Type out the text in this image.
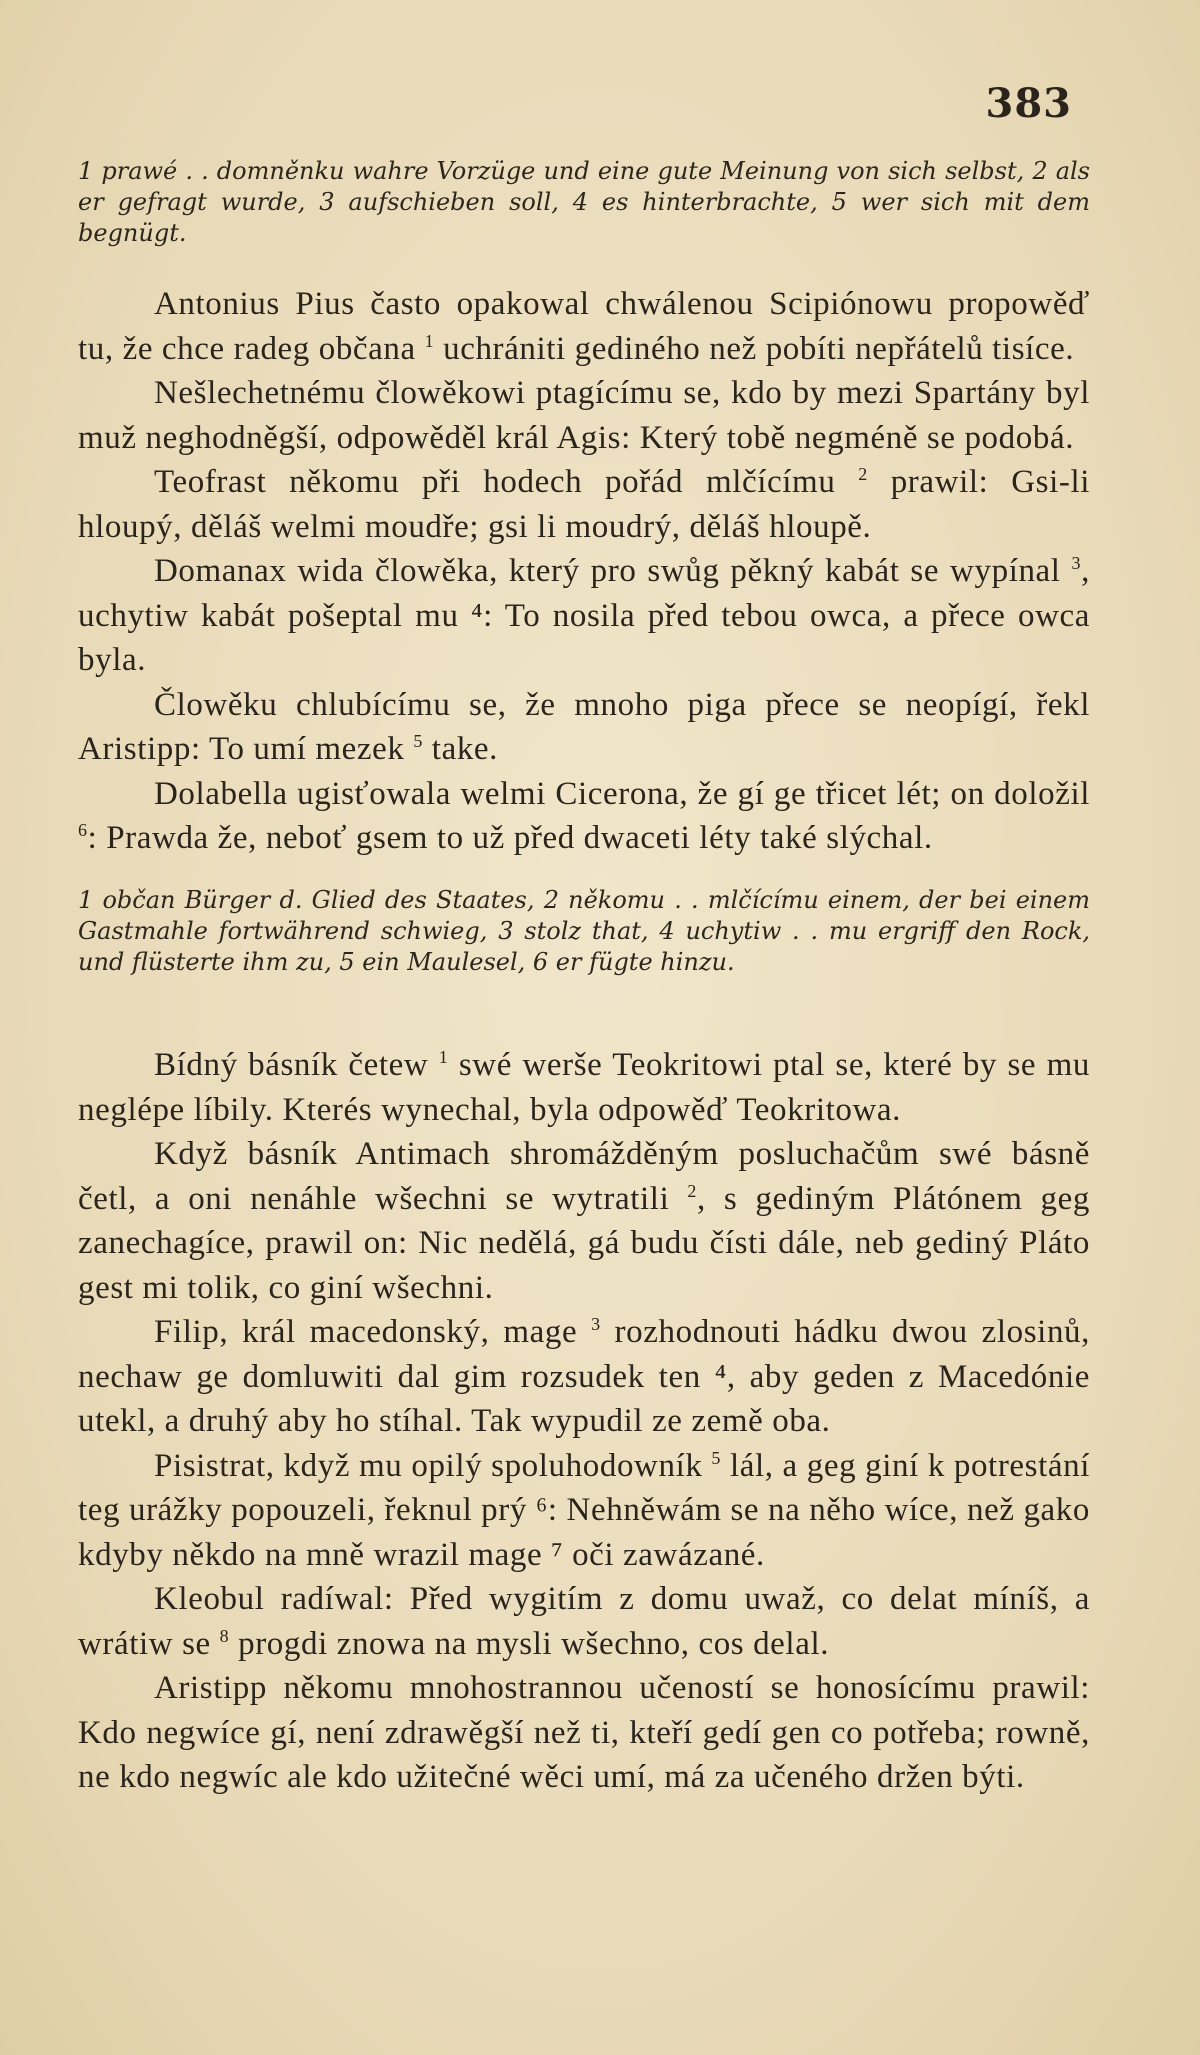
383

1 prawé . . domněnku wahre Vorzüge und eine gute Meinung von sich selbst, 2 als er gefragt wurde, 3 aufschieben soll, 4 es hinterbrachte, 5 wer sich mit dem begnügt.

Antonius Pius často opakowal chwálenou Scipiónowu propowěď tu, že chce radeg občana $^1$ uchrániti gediného než pobíti nepřátelů tisíce.

Nešlechetnému člowěkowi ptagícímu se, kdo by mezi Spartány byl muž neghodněgší, odpowěděl král Agis: Který tobě negméně se podobá.

Teofrast někomu při hodech pořád mlčícímu $^2$ prawil: Gsi-li hloupý, děláš welmi moudře; gsi li moudrý, děláš hloupě.

Domanax wida člowěka, který pro swůg pěkný kabát se wypínal $^3$, uchytiw kabát pošeptal mu ⁴: To nosila před tebou owca, a přece owca byla.

Člowěku chlubícímu se, že mnoho piga přece se neopígí, řekl Aristipp: To umí mezek $^5$ take.

Dolabella ugisťowala welmi Cicerona, že gí ge třicet lét; on doložil $^6$: Prawda že, neboť gsem to už před dwaceti léty také slýchal.

1 občan Bürger d. Glied des Staates, 2 někomu . . mlčícímu einem, der bei einem Gastmahle fortwährend schwieg, 3 stolz that, 4 uchytiw . . mu ergriff den Rock, und flüsterte ihm zu, 5 ein Maulesel, 6 er fügte hinzu.

Bídný básník četew $^1$ swé werše Teokritowi ptal se, které by se mu neglépe líbily. Kterés wynechal, byla odpowěď Teokritowa.

Když básník Antimach shromážděným posluchačům swé básně četl, a oni nenáhle wšechni se wytratili $^2$, s gediným Plátónem geg zanechagíce, prawil on: Nic nedělá, gá budu čísti dále, neb gediný Pláto gest mi tolik, co giní wšechni.

Filip, král macedonský, mage $^3$ rozhodnouti hádku dwou zlosinů, nechaw ge domluwiti dal gim rozsudek ten ⁴, aby geden z Macedónie utekl, a druhý aby ho stíhal. Tak wypudil ze země oba.

Pisistrat, když mu opilý spoluhodowník $^5$ lál, a geg giní k potrestání teg urážky popouzeli, řeknul prý ⁶: Nehněwám se na něho wíce, než gako kdyby někdo na mně wrazil mage ⁷ oči zawázané.

Kleobul radíwal: Před wygitím z domu uwaž, co delat míníš, a wrátiw se $^8$ progdi znowa na mysli wšechno, cos delal.

Aristipp někomu mnohostrannou učeností se honosícímu prawil: Kdo negwíce gí, není zdrawěgší než ti, kteří gedí gen co potřeba; rowně, ne kdo negwíc ale kdo užitečné wěci umí, má za učeného držen býti.
